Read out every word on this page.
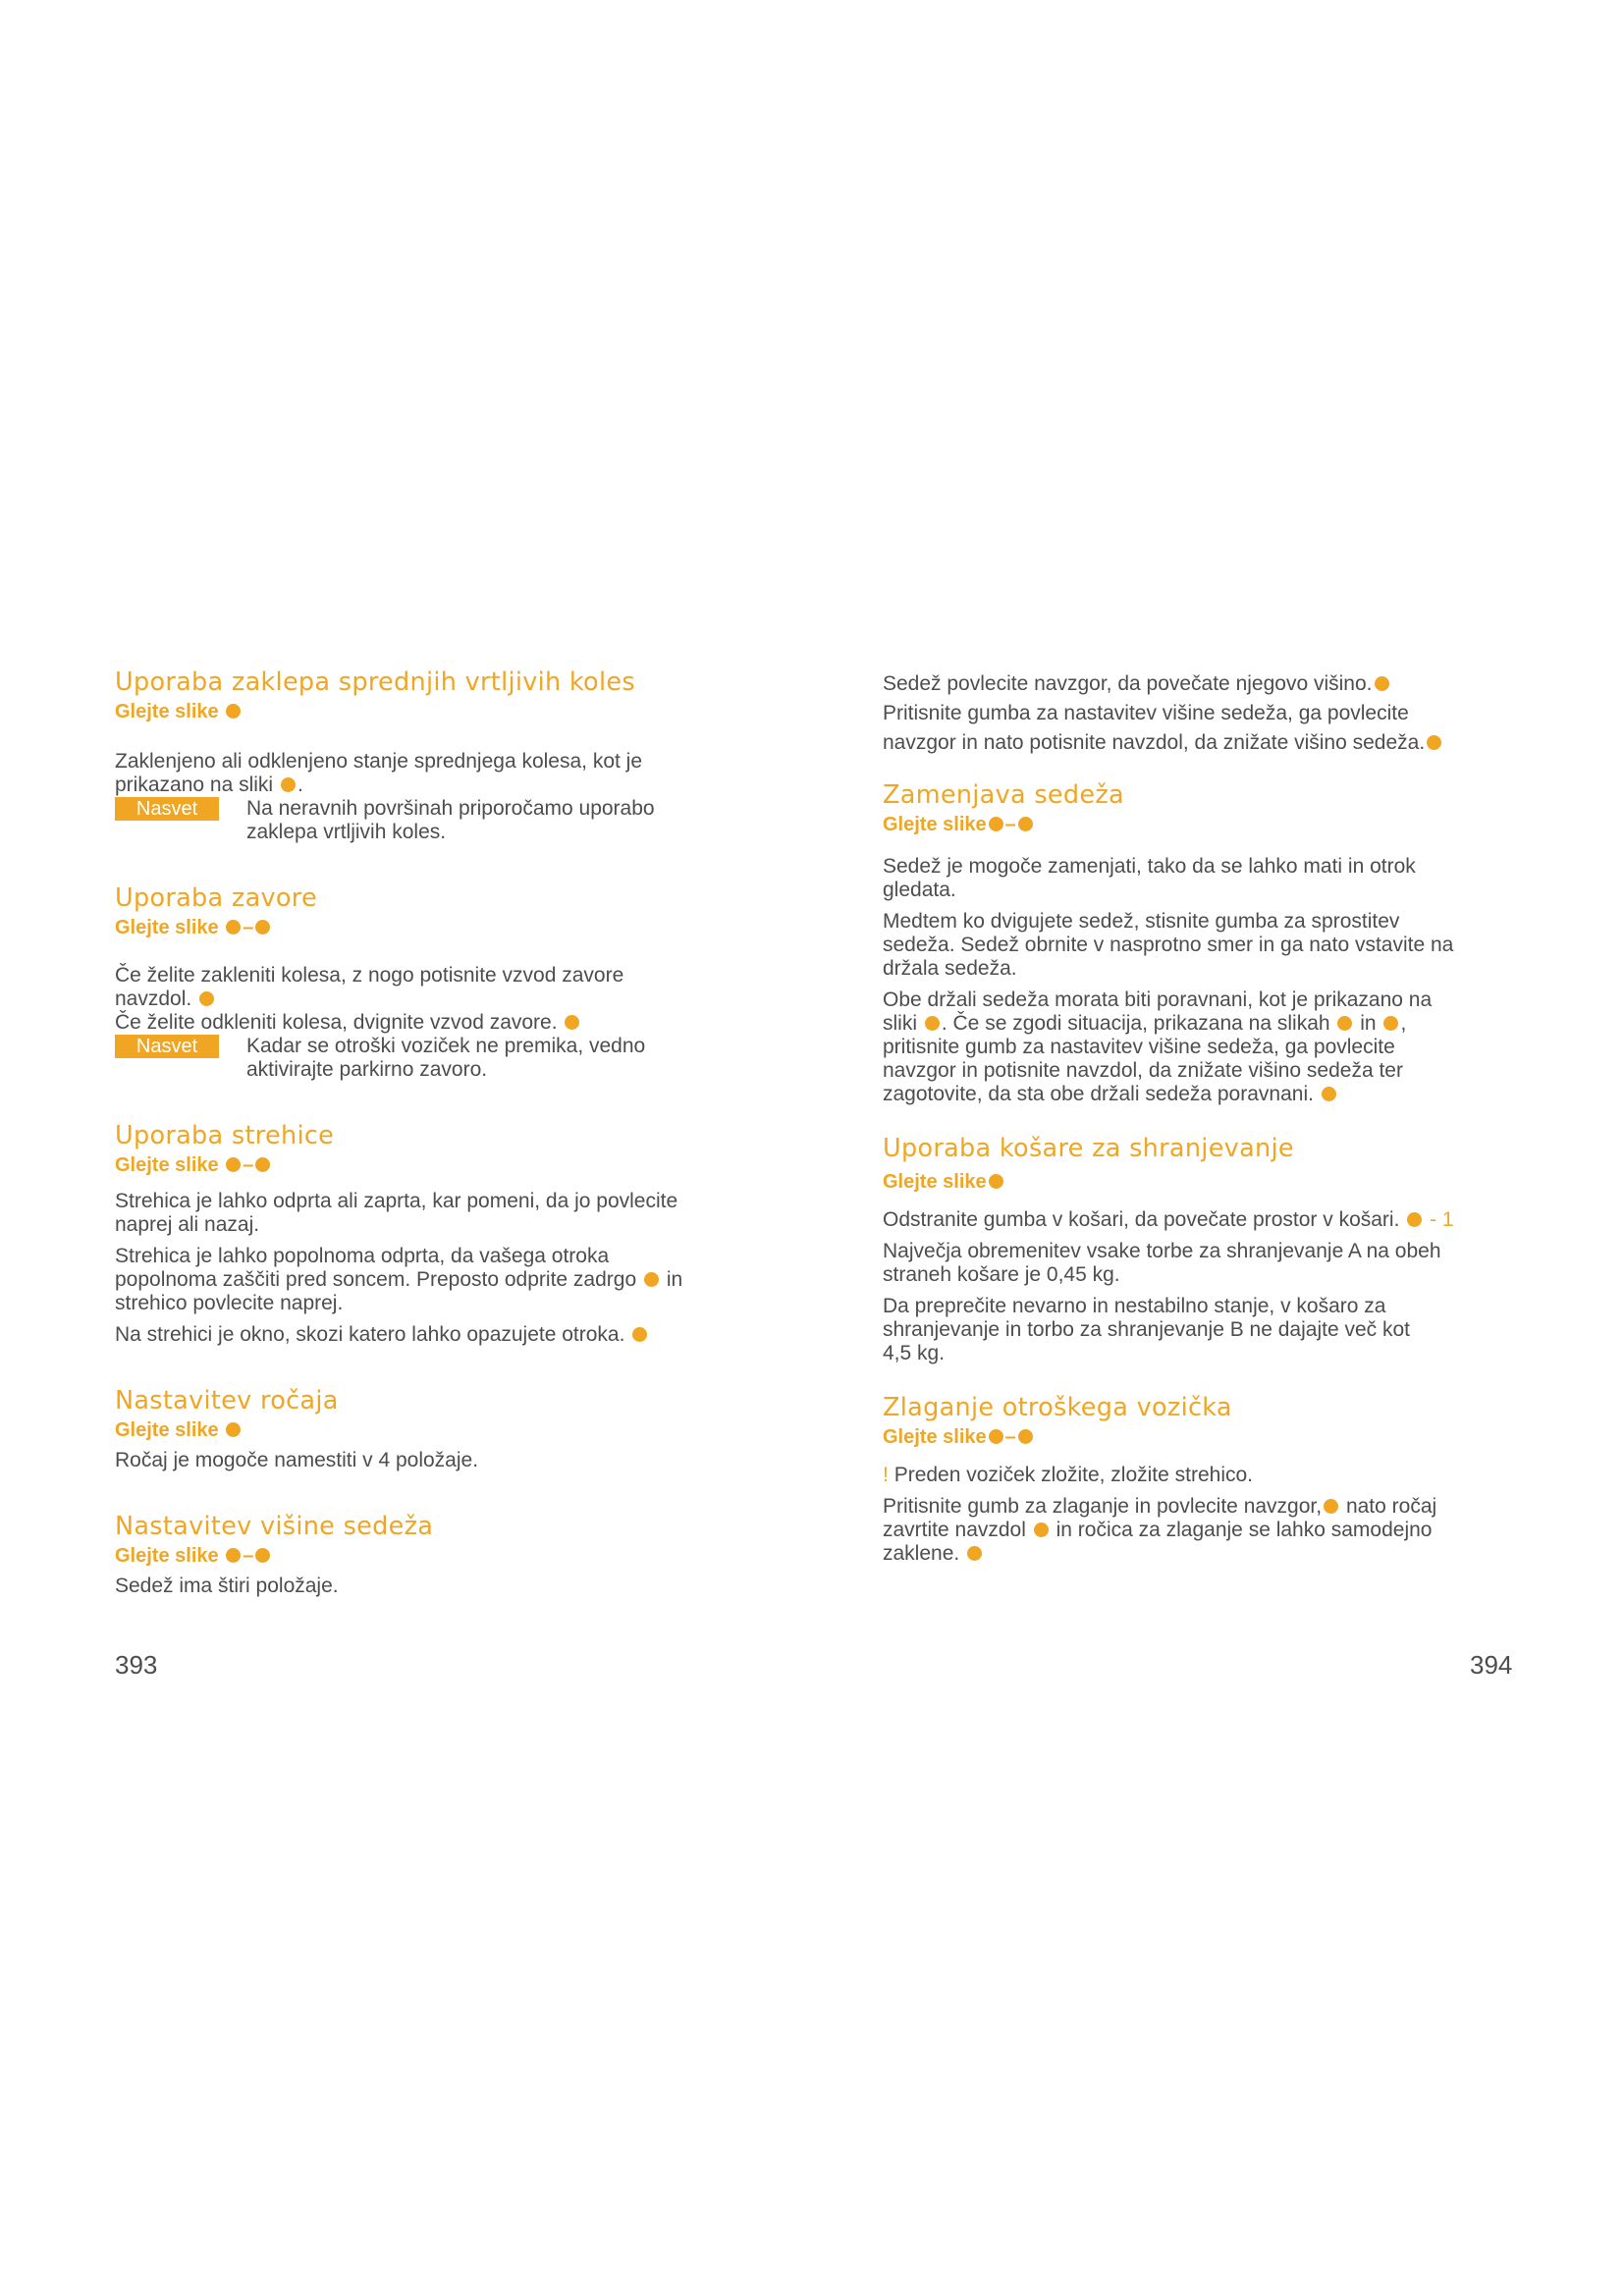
Uporaba zaklepa sprednjih vrtljivih koles
Glejte slike

Zaklenjeno ali odklenjeno stanje sprednjega kolesa, kot je

prikazano na sliki .

Nasvet	Na neravnih površinah priporočamo uporabo

zaklepa vrtljivih koles.

Uporaba zavore
Glejte slike –

Če želite zakleniti kolesa, z nogo potisnite vzvod zavore

navzdol.

Če želite odkleniti kolesa, dvignite vzvod zavore.

Nasvet	Kadar se otroški voziček ne premika, vedno

aktivirajte parkirno zavoro.

Uporaba strehice
Glejte slike –

Strehica je lahko odprta ali zaprta, kar pomeni, da jo povlecite

naprej ali nazaj.

Strehica je lahko popolnoma odprta, da vašega otroka

popolnoma zaščiti pred soncem. Preposto odprite zadrgo in

strehico povlecite naprej.

Na strehici je okno, skozi katero lahko opazujete otroka.

Nastavitev ročaja
Glejte slike

Ročaj je mogoče namestiti v 4 položaje.

Nastavitev višine sedeža
Glejte slike –

Sedež ima štiri položaje.

Sedež povlecite navzgor, da povečate njegovo višino.

Pritisnite gumba za nastavitev višine sedeža, ga povlecite

navzgor in nato potisnite navzdol, da znižate višino sedeža.

Zamenjava sedeža
Glejte slike –

Sedež je mogoče zamenjati, tako da se lahko mati in otrok

gledata.

Medtem ko dvigujete sedež, stisnite gumba za sprostitev

sedeža. Sedež obrnite v nasprotno smer in ga nato vstavite na

držala sedeža.

Obe držali sedeža morata biti poravnani, kot je prikazano na

sliki . Če se zgodi situacija, prikazana na slikah in ,

pritisnite gumb za nastavitev višine sedeža, ga povlecite

navzgor in potisnite navzdol, da znižate višino sedeža ter

zagotovite, da sta obe držali sedeža poravnani.

Uporaba košare za shranjevanje
Glejte slike

Odstranite gumba v košari, da povečate prostor v košari. - 1

Največja obremenitev vsake torbe za shranjevanje A na obeh

straneh košare je 0,45 kg.

Da preprečite nevarno in nestabilno stanje, v košaro za

shranjevanje in torbo za shranjevanje B ne dajajte več kot

4,5 kg.

Zlaganje otroškega vozička
Glejte slike –

! Preden voziček zložite, zložite strehico.

Pritisnite gumb za zlaganje in povlecite navzgor, nato ročaj

zavrtite navzdol in ročica za zlaganje se lahko samodejno

zaklene.

393	394
